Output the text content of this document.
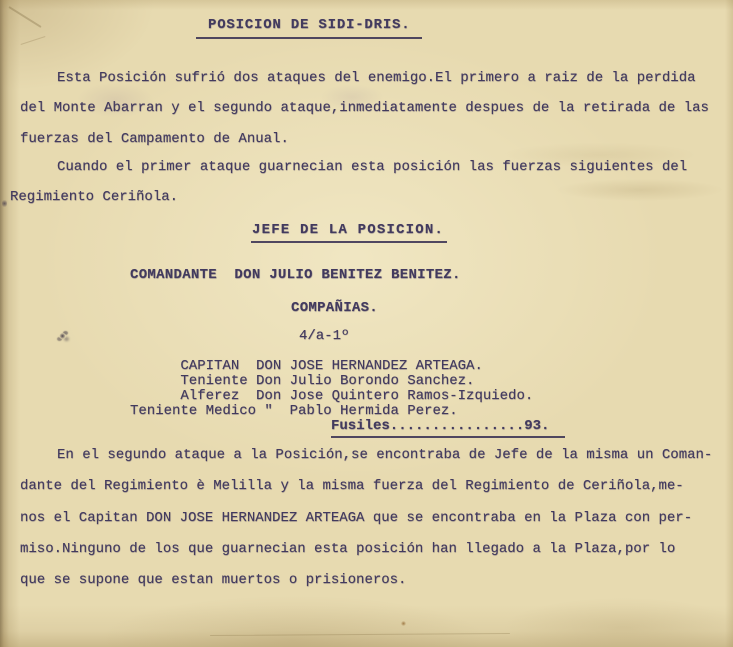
POSICION DE SIDI-DRIS.
Esta Posición sufrió dos ataques del enemigo.El primero a raiz de la perdida
del Monte Abarran y el segundo ataque,inmediatamente despues de la retirada de las
fuerzas del Campamento de Anual.
Cuando el primer ataque guarnecian esta posición las fuerzas siguientes del
Regimiento Ceriñola.
JEFE DE LA POSICION.
COMANDANTE  DON JULIO BENITEZ BENITEZ.
COMPAÑIAS.
4/a-1º
CAPITAN  DON JOSE HERNANDEZ ARTEAGA.
Teniente Don Julio Borondo Sanchez.
Alferez  Don Jose Quintero Ramos-Izquiedo.
Teniente Medico "  Pablo Hermida Perez.
Fusiles................93.
En el segundo ataque a la Posición,se encontraba de Jefe de la misma un Coman-
dante del Regimiento è Melilla y la misma fuerza del Regimiento de Ceriñola,me-
nos el Capitan DON JOSE HERNANDEZ ARTEAGA que se encontraba en la Plaza con per-
miso.Ninguno de los que guarnecian esta posición han llegado a la Plaza,por lo
que se supone que estan muertos o prisioneros.
